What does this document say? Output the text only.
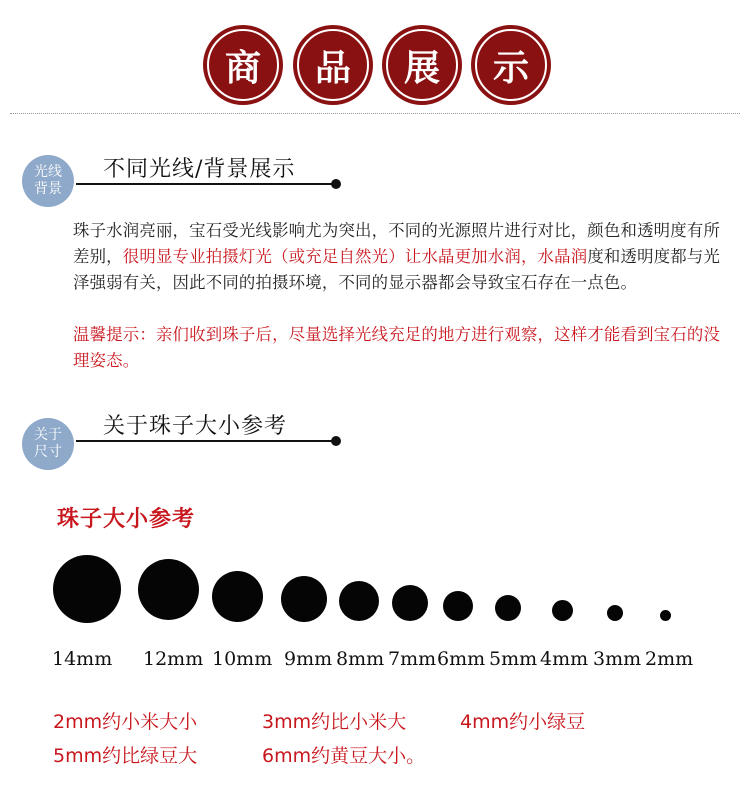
商 品 展 示
光线
背景
不同光线/背景展示
珠子水润亮丽，宝石受光线影响尤为突出，不同的光源照片进行对比，颜色和透明度有所差别，很明显专业拍摄灯光（或充足自然光）让水晶更加水润，水晶润度和透明度都与光泽强弱有关，因此不同的拍摄环境，不同的显示器都会导致宝石存在一点色。
温馨提示：亲们收到珠子后，尽量选择光线充足的地方进行观察，这样才能看到宝石的没理姿态。
关于
尺寸
关于珠子大小参考
珠子大小参考
14mm 12mm 10mm 9mm 8mm 7mm 6mm 5mm 4mm 3mm 2mm
2mm约小米大小	3mm约比小米大	4mm约小绿豆
5mm约比绿豆大	6mm约黄豆大小。
